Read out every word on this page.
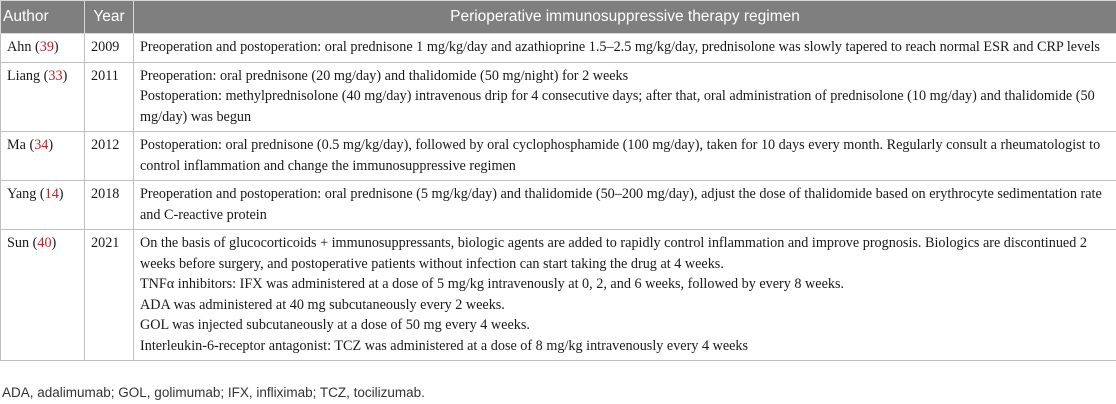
Author	Year	Perioperative immunosuppressive therapy regimen
Ahn (39)	2009	Preoperation and postoperation: oral prednisone 1 mg/kg/day and azathioprine 1.5–2.5 mg/kg/day, prednisolone was slowly tapered to reach normal ESR and CRP levels

Liang (33)	2011	Preoperation: oral prednisone (20 mg/day) and thalidomide (50 mg/night) for 2 weeks
Postoperation: methylprednisolone (40 mg/day) intravenous drip for 4 consecutive days; after that, oral administration of prednisolone (10 mg/day) and thalidomide (50 mg/day) was begun

Ma (34)	2012	Postoperation: oral prednisone (0.5 mg/kg/day), followed by oral cyclophosphamide (100 mg/day), taken for 10 days every month. Regularly consult a rheumatologist to control inflammation and change the immunosuppressive regimen

Yang (14)	2018	Preoperation and postoperation: oral prednisone (5 mg/kg/day) and thalidomide (50–200 mg/day), adjust the dose of thalidomide based on erythrocyte sedimentation rate and C-reactive protein

Sun (40)	2021	On the basis of glucocorticoids + immunosuppressants, biologic agents are added to rapidly control inflammation and improve prognosis. Biologics are discontinued 2 weeks before surgery, and postoperative patients without infection can start taking the drug at 4 weeks.
TNFα inhibitors: IFX was administered at a dose of 5 mg/kg intravenously at 0, 2, and 6 weeks, followed by every 8 weeks.
ADA was administered at 40 mg subcutaneously every 2 weeks.
GOL was injected subcutaneously at a dose of 50 mg every 4 weeks.
Interleukin-6-receptor antagonist: TCZ was administered at a dose of 8 mg/kg intravenously every 4 weeks
ADA, adalimumab; GOL, golimumab; IFX, infliximab; TCZ, tocilizumab.
